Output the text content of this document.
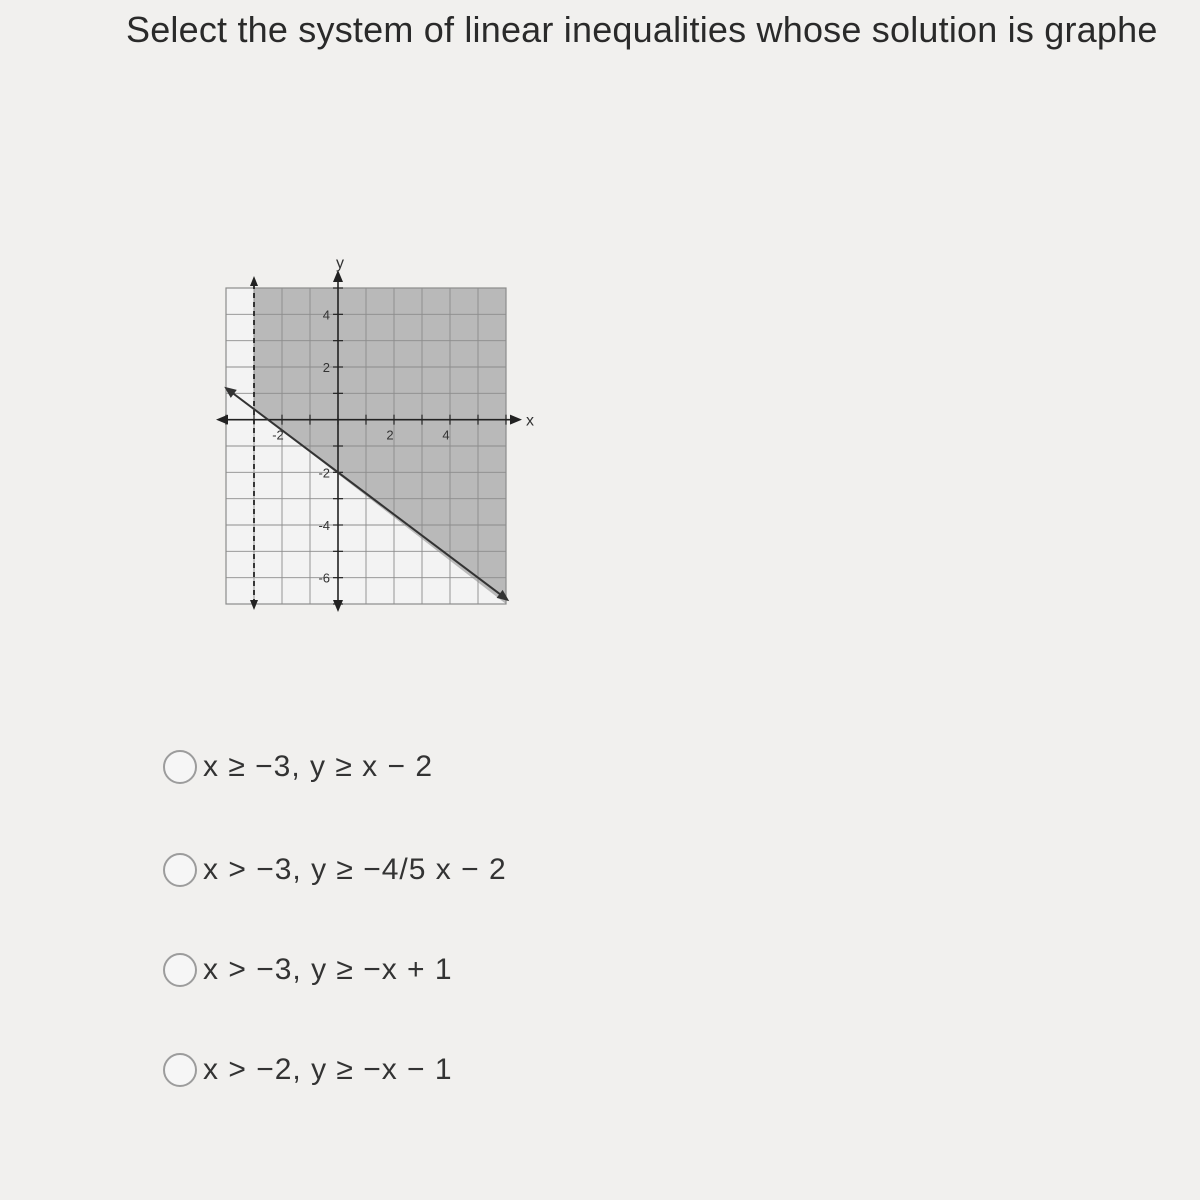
Select the system of linear inequalities whose solution is graphe
-2	2	4
4
2
-2
-4
-6
x
y
x ≥ −3, y ≥ x − 2
x > −3, y ≥ −4/5 x − 2
x > −3, y ≥ −x + 1
x > −2, y ≥ −x − 1
